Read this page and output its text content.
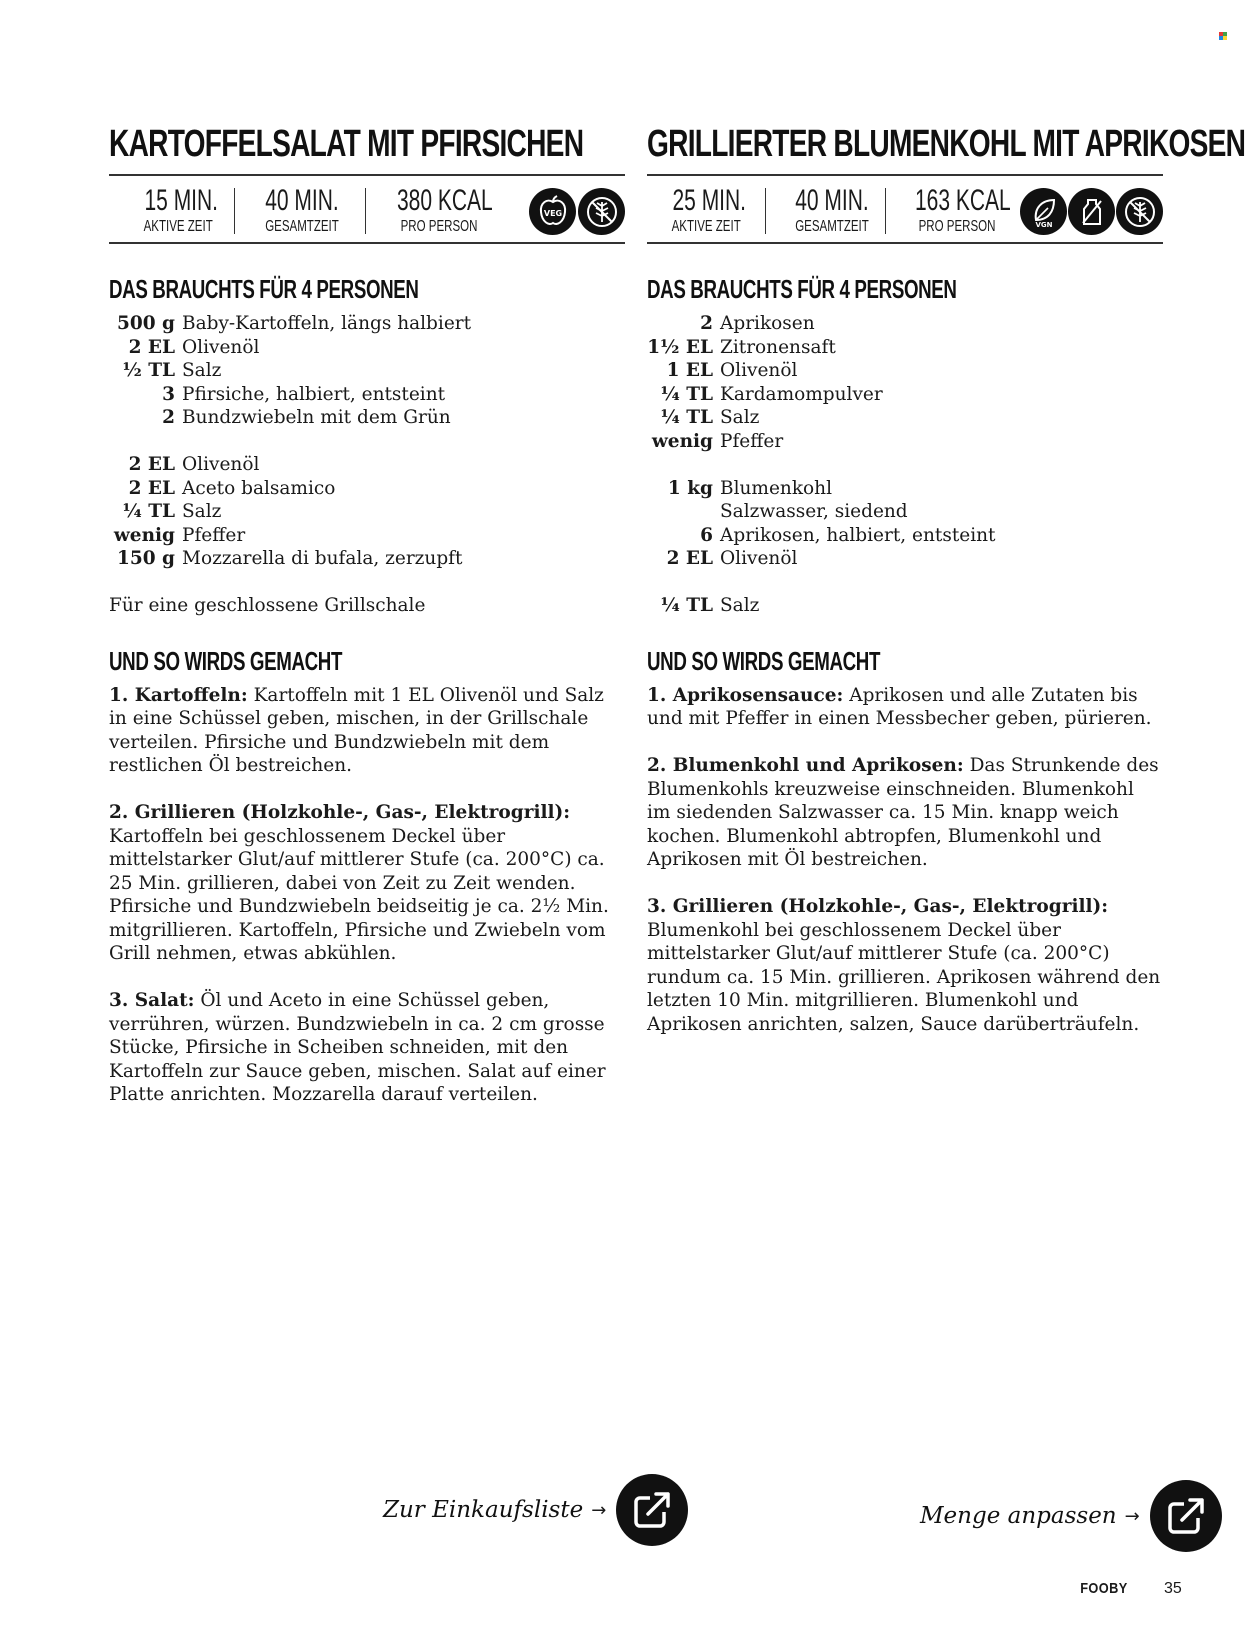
KARTOFFELSALAT MIT PFIRSICHEN
15 MIN.
AKTIVE ZEIT
40 MIN.
GESAMTZEIT
380 KCAL
PRO PERSON
VEG
DAS BRAUCHTS FÜR 4 PERSONEN
500 g Baby-Kartoffeln, längs halbiert
2 EL Olivenöl
½ TL Salz
3 Pfirsiche, halbiert, entsteint
2 Bundzwiebeln mit dem Grün
2 EL Olivenöl
2 EL Aceto balsamico
¼ TL Salz
wenig Pfeffer
150 g Mozzarella di bufala, zerzupft

Für eine geschlossene Grillschale

UND SO WIRDS GEMACHT

1. Kartoffeln: Kartoffeln mit 1 EL Olivenöl und Salz in eine Schüssel geben, mischen, in der Grillschale verteilen. Pfirsiche und Bundzwiebeln mit dem restlichen Öl bestreichen.

2. Grillieren (Holzkohle-, Gas-, Elektrogrill): Kartoffeln bei geschlossenem Deckel über mittelstarker Glut/auf mittlerer Stufe (ca. 200°C) ca. 25 Min. grillieren, dabei von Zeit zu Zeit wenden. Pfirsiche und Bundzwiebeln beidseitig je ca. 2½ Min. mitgrillieren. Kartoffeln, Pfirsiche und Zwiebeln vom Grill nehmen, etwas abkühlen.

3. Salat: Öl und Aceto in eine Schüssel geben, verrühren, würzen. Bundzwiebeln in ca. 2 cm grosse Stücke, Pfirsiche in Scheiben schneiden, mit den Kartoffeln zur Sauce geben, mischen. Salat auf einer Platte anrichten. Mozzarella darauf verteilen.

GRILLIERTER BLUMENKOHL MIT APRIKOSEN
25 MIN.
AKTIVE ZEIT
40 MIN.
GESAMTZEIT
163 KCAL
PRO PERSON	VGN
DAS BRAUCHTS FÜR 4 PERSONEN
2 Aprikosen
1½ EL Zitronensaft
1 EL Olivenöl
¼ TL Kardamompulver
¼ TL Salz
wenig Pfeffer
1 kg Blumenkohl
Salzwasser, siedend
6 Aprikosen, halbiert, entsteint
2 EL Olivenöl
¼ TL Salz
UND SO WIRDS GEMACHT

1. Aprikosensauce: Aprikosen und alle Zutaten bis und mit Pfeffer in einen Messbecher geben, pürieren.

2. Blumenkohl und Aprikosen: Das Strunkende des Blumenkohls kreuzweise einschneiden. Blumenkohl im siedenden Salzwasser ca. 15 Min. knapp weich kochen. Blumenkohl abtropfen, Blumenkohl und Aprikosen mit Öl bestreichen.

3. Grillieren (Holzkohle-, Gas-, Elektrogrill): Blumenkohl bei geschlossenem Deckel über mittelstarker Glut/auf mittlerer Stufe (ca. 200°C) rundum ca. 15 Min. grillieren. Aprikosen während den letzten 10 Min. mitgrillieren. Blumenkohl und Aprikosen anrichten, salzen, Sauce darüberträufeln.

Zur Einkaufsliste →	Menge anpassen →
FOOBY 35
